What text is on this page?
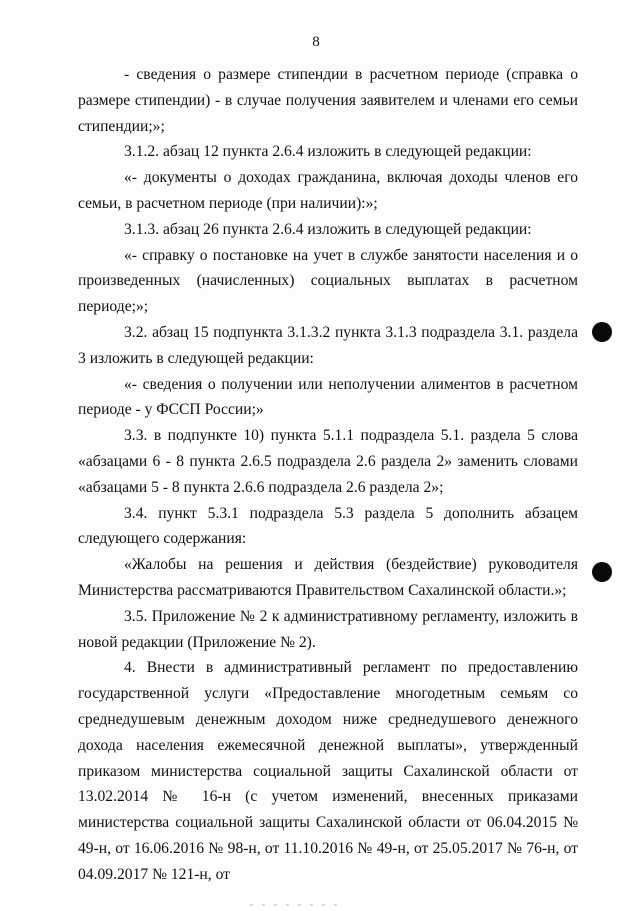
8

- сведения о размере стипендии в расчетном периоде (справка о размере стипендии) - в случае получения заявителем и членами его семьи стипендии;»;

3.1.2. абзац 12 пункта 2.6.4 изложить в следующей редакции:

«- документы о доходах гражданина, включая доходы членов его семьи, в расчетном периоде (при наличии):»;

3.1.3. абзац 26 пункта 2.6.4 изложить в следующей редакции:

«- справку о постановке на учет в службе занятости населения и о произведенных (начисленных) социальных выплатах в расчетном периоде;»;

3.2. абзац 15 подпункта 3.1.3.2 пункта 3.1.3 подраздела 3.1. раздела 3 изложить в следующей редакции:

«- сведения о получении или неполучении алиментов в расчетном периоде - у ФССП России;»

3.3. в подпункте 10) пункта 5.1.1 подраздела 5.1. раздела 5 слова «абзацами 6 - 8 пункта 2.6.5 подраздела 2.6 раздела 2» заменить словами «абзацами 5 - 8 пункта 2.6.6 подраздела 2.6 раздела 2»;

3.4. пункт 5.3.1 подраздела 5.3 раздела 5 дополнить абзацем следующего содержания:

«Жалобы на решения и действия (бездействие) руководителя Министерства рассматриваются Правительством Сахалинской области.»;

3.5. Приложение № 2 к административному регламенту, изложить в новой редакции (Приложение № 2).

4. Внести в административный регламент по предоставлению государственной услуги «Предоставление многодетным семьям со среднедушевым денежным доходом ниже среднедушевого денежного дохода населения ежемесячной денежной выплаты», утвержденный приказом министерства социальной защиты Сахалинской области от 13.02.2014 № 16-н (с учетом изменений, внесенных приказами министерства социальной защиты Сахалинской области от 06.04.2015 № 49-н, от 16.06.2016 № 98-н, от 11.10.2016 № 49-н, от 25.05.2017 № 76-н, от 04.09.2017 № 121-н, от
